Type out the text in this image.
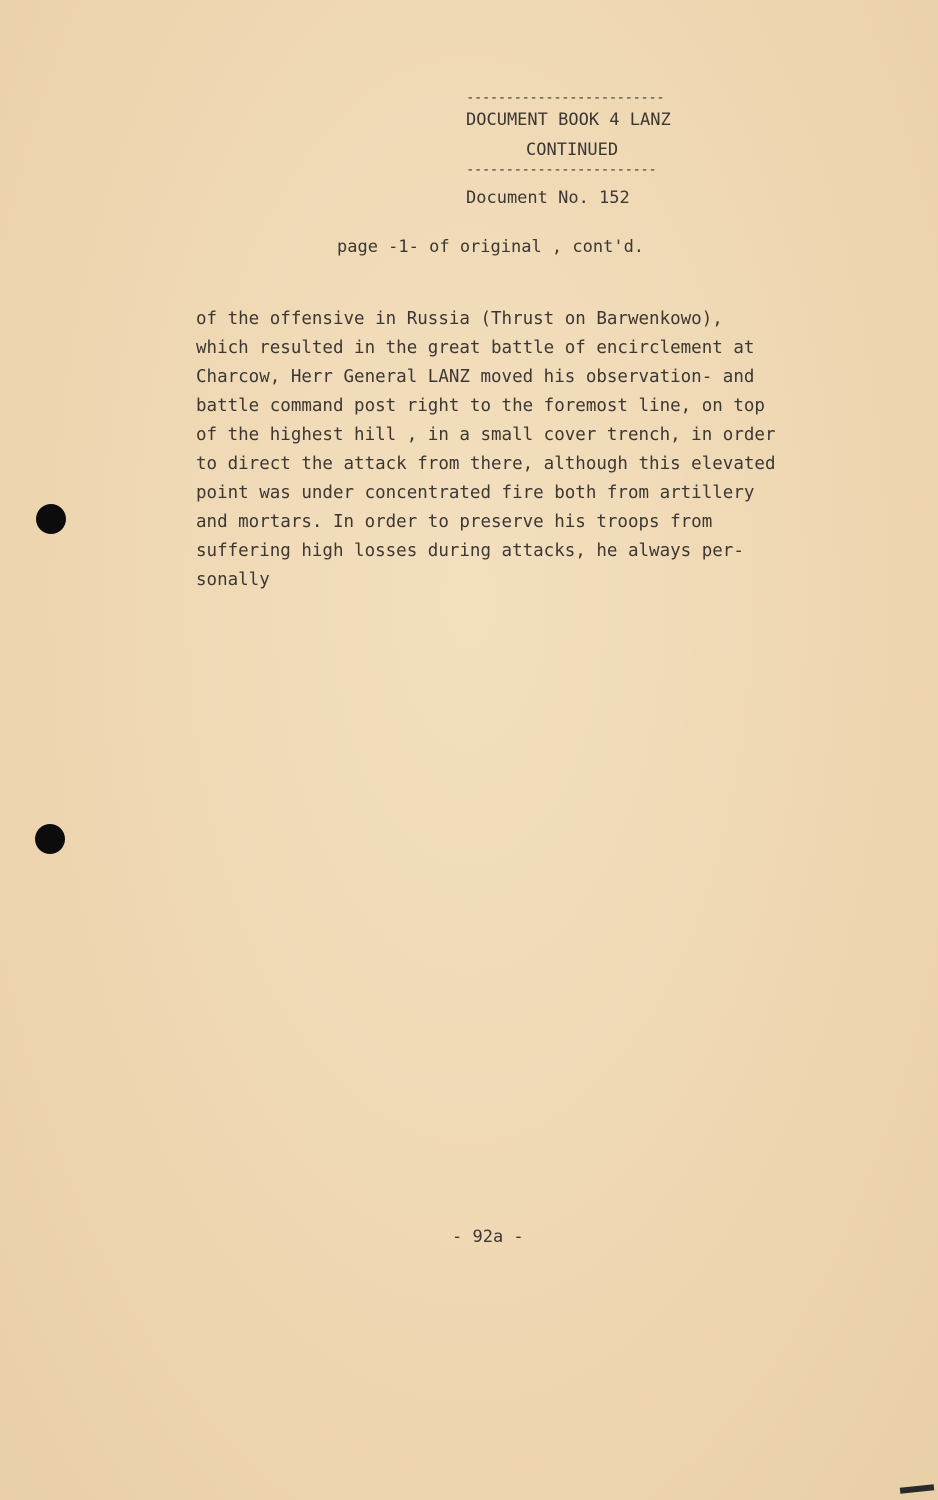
-------------------------
DOCUMENT BOOK 4 LANZ
CONTINUED
------------------------
Document No. 152
page -1- of original , cont'd.
of the offensive in Russia (Thrust on Barwenkowo),
which resulted in the great battle of encirclement at
Charcow, Herr General LANZ moved his observation- and
battle command post right to the foremost line, on top
of the highest hill , in a small cover trench, in order
to direct the attack from there, although this elevated
point was under concentrated fire both from artillery
and mortars. In order to preserve his troops from
suffering high losses during attacks, he always per-
sonally
- 92a -
